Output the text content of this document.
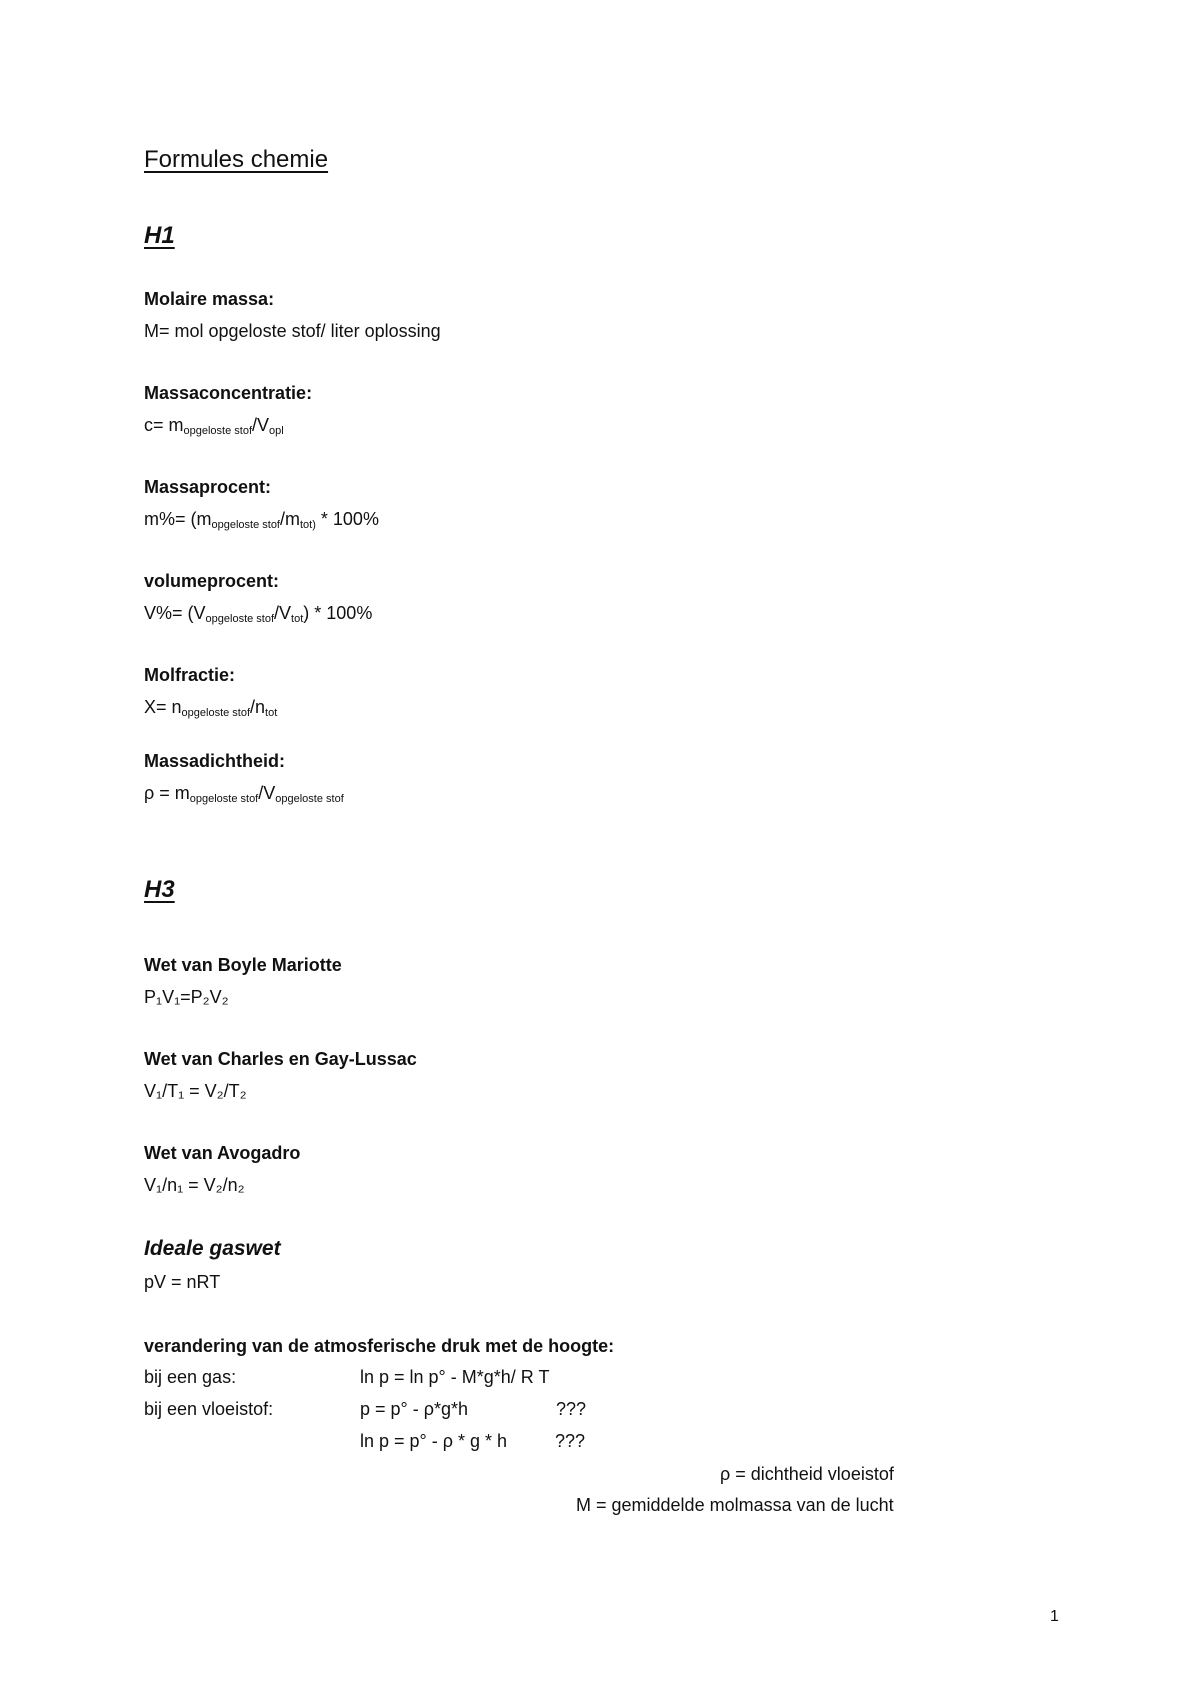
Formules chemie
H1
Molaire massa:
M= mol opgeloste stof/ liter oplossing
Massaconcentratie:
$c= m_{opgeloste stof}/V_{opl}$
Massaprocent:
$m\%= (m_{opgeloste stof}/m_{tot)} * 100\%$
volumeprocent:
$V\%= (V_{opgeloste stof}/V_{tot}) * 100\%$
Molfractie:
$X= n_{opgeloste stof}/n_{tot}$
Massadichtheid:
$\rho = m_{opgeloste stof}/V_{opgeloste stof}$
H3
Wet van Boyle Mariotte
P₁V₁=P₂V₂
Wet van Charles en Gay-Lussac
V₁/T₁ = V₂/T₂
Wet van Avogadro
V₁/n₁ = V₂/n₂
Ideale gaswet
pV = nRT
verandering van de atmosferische druk met de hoogte:
bij een gas:	ln p = ln p° - M*g*h/ R T
bij een vloeistof:	p = p° - ρ*g*h	???
ln p = p° - ρ * g * h	???
ρ = dichtheid vloeistof
M = gemiddelde molmassa van de lucht
1
